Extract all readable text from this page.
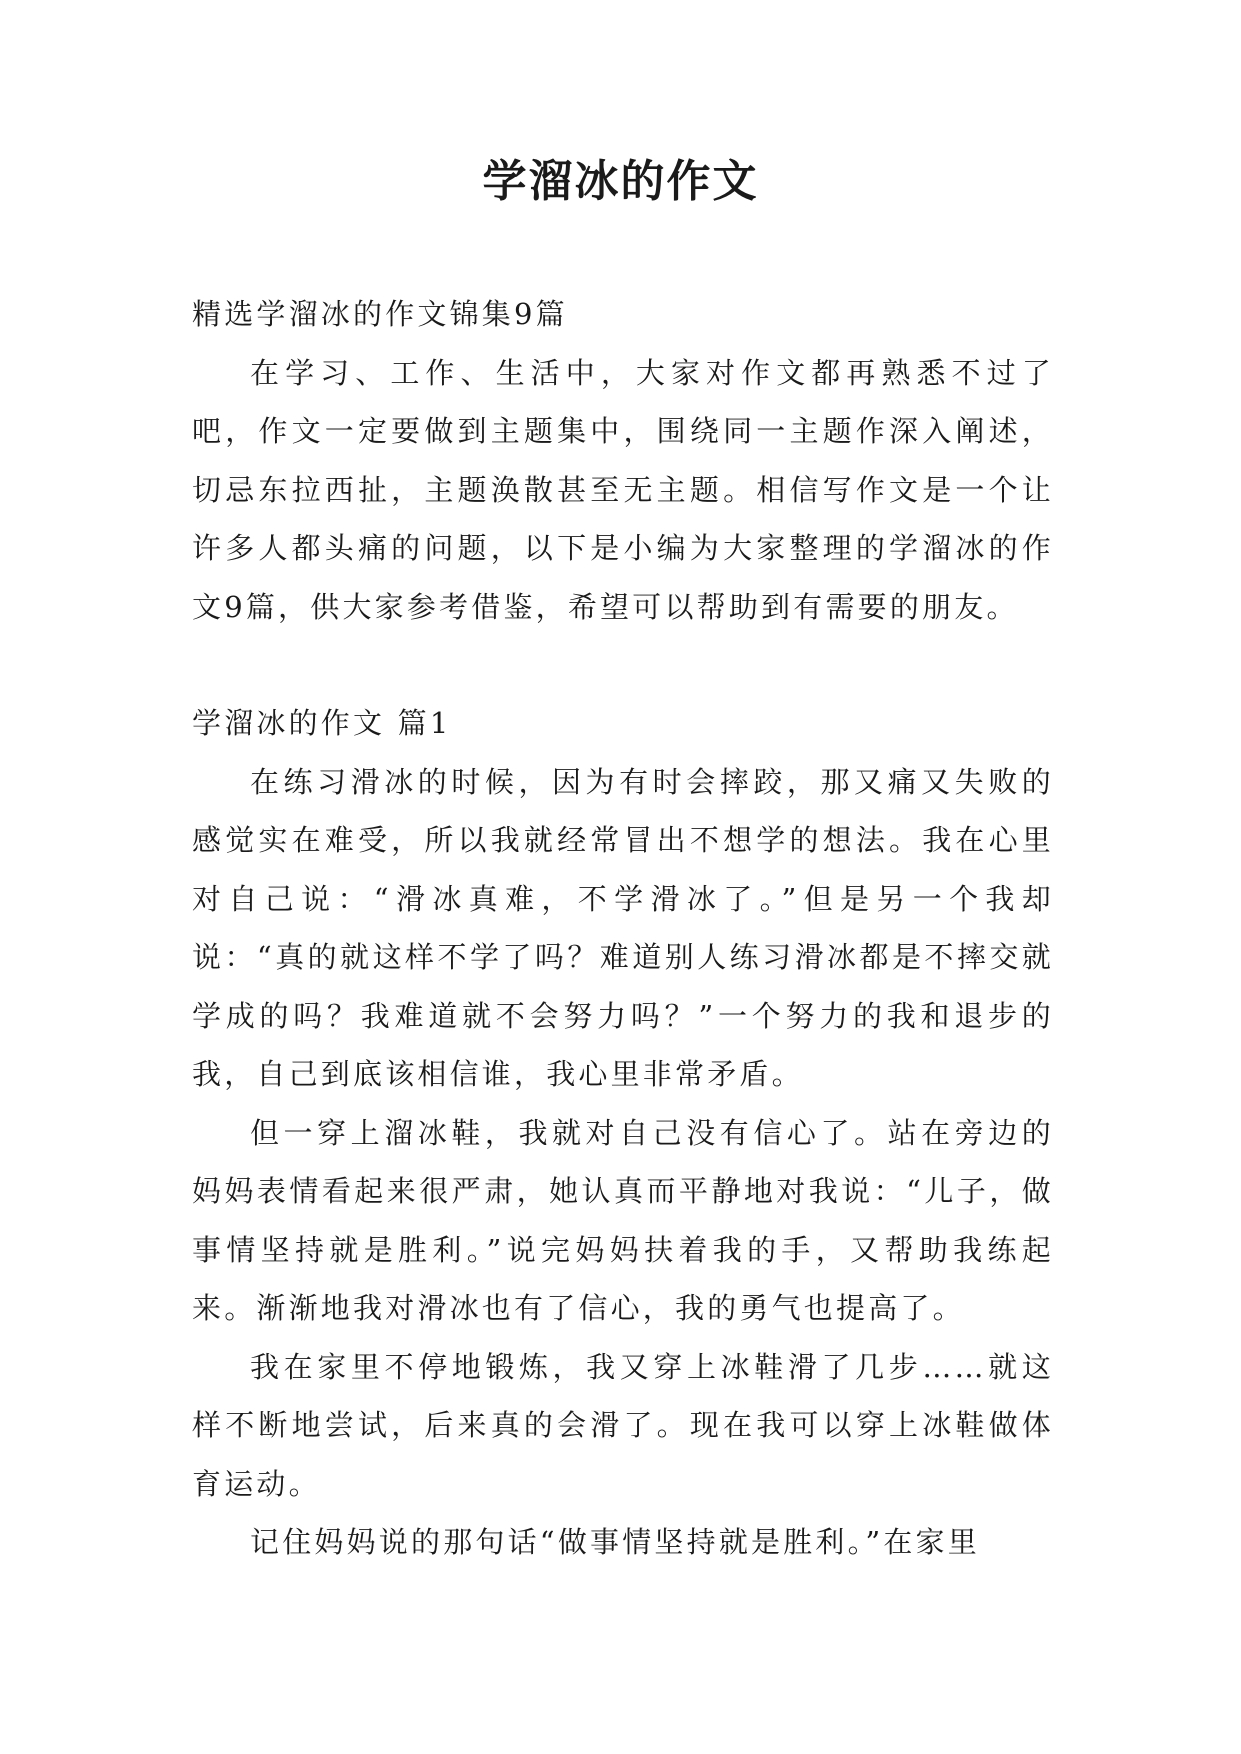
学溜冰的作文

精选学溜冰的作文锦集9篇

在学习、工作、生活中，大家对作文都再熟悉不过了吧，作文一定要做到主题集中，围绕同一主题作深入阐述，切忌东拉西扯，主题涣散甚至无主题。相信写作文是一个让许多人都头痛的问题，以下是小编为大家整理的学溜冰的作文9篇，供大家参考借鉴，希望可以帮助到有需要的朋友。

学溜冰的作文 篇1

在练习滑冰的时候，因为有时会摔跤，那又痛又失败的感觉实在难受，所以我就经常冒出不想学的想法。我在心里对自己说：“滑冰真难，不学滑冰了。”但是另一个我却说：“真的就这样不学了吗？难道别人练习滑冰都是不摔交就学成的吗？我难道就不会努力吗？”一个努力的我和退步的我，自己到底该相信谁，我心里非常矛盾。

但一穿上溜冰鞋，我就对自己没有信心了。站在旁边的妈妈表情看起来很严肃，她认真而平静地对我说：“儿子，做事情坚持就是胜利。”说完妈妈扶着我的手，又帮助我练起来。渐渐地我对滑冰也有了信心，我的勇气也提高了。

我在家里不停地锻炼，我又穿上冰鞋滑了几步……就这样不断地尝试，后来真的会滑了。现在我可以穿上冰鞋做体育运动。

记住妈妈说的那句话“做事情坚持就是胜利。”在家里
